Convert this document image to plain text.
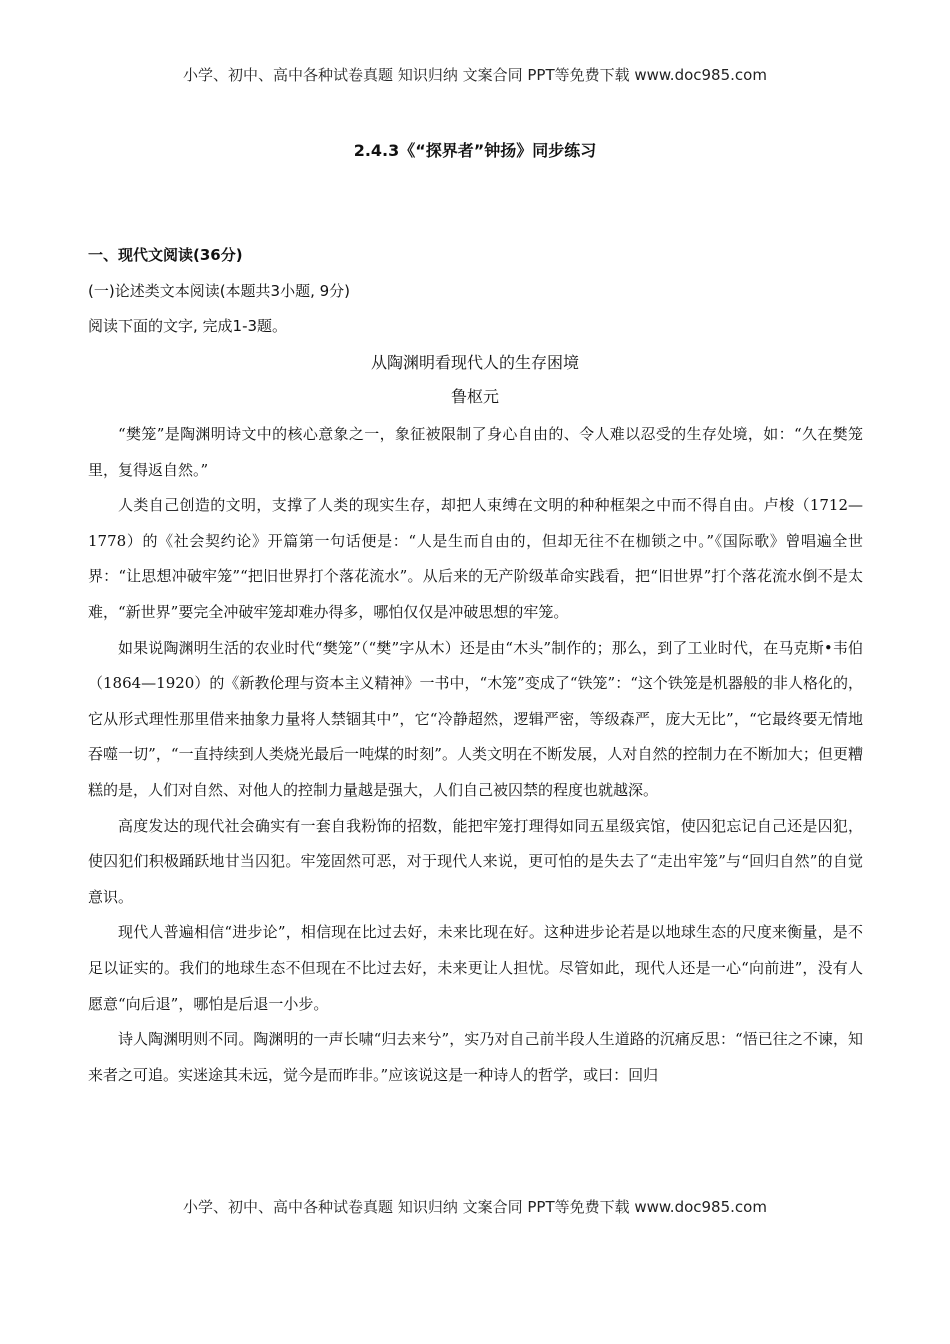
小学、初中、高中各种试卷真题 知识归纳 文案合同 PPT等免费下载 www.doc985.com
2.4.3《“探界者”钟扬》同步练习
一、现代文阅读(36分)
(一)论述类文本阅读(本题共3小题, 9分)
阅读下面的文字, 完成1-3题。
从陶渊明看现代人的生存困境
鲁枢元

“樊笼”是陶渊明诗文中的核心意象之一，象征被限制了身心自由的、令人难以忍受的生存处境，如：“久在樊笼里，复得返自然。”

人类自己创造的文明，支撑了人类的现实生存，却把人束缚在文明的种种框架之中而不得自由。卢梭（1712—1778）的《社会契约论》开篇第一句话便是：“人是生而自由的，但却无往不在枷锁之中。”《国际歌》曾唱遍全世界：“让思想冲破牢笼”“把旧世界打个落花流水”。从后来的无产阶级革命实践看，把“旧世界”打个落花流水倒不是太难，“新世界”要完全冲破牢笼却难办得多，哪怕仅仅是冲破思想的牢笼。

如果说陶渊明生活的农业时代“樊笼”（“樊”字从木）还是由“木头”制作的；那么，到了工业时代，在马克斯•韦伯（1864—1920）的《新教伦理与资本主义精神》一书中，“木笼”变成了“铁笼”：“这个铁笼是机器般的非人格化的，它从形式理性那里借来抽象力量将人禁锢其中”，它“冷静超然，逻辑严密，等级森严，庞大无比”，“它最终要无情地吞噬一切”，“一直持续到人类烧光最后一吨煤的时刻”。人类文明在不断发展，人对自然的控制力在不断加大；但更糟糕的是，人们对自然、对他人的控制力量越是强大，人们自己被囚禁的程度也就越深。

高度发达的现代社会确实有一套自我粉饰的招数，能把牢笼打理得如同五星级宾馆，使囚犯忘记自己还是囚犯，使囚犯们积极踊跃地甘当囚犯。牢笼固然可恶，对于现代人来说，更可怕的是失去了“走出牢笼”与“回归自然”的自觉意识。

现代人普遍相信“进步论”，相信现在比过去好，未来比现在好。这种进步论若是以地球生态的尺度来衡量，是不足以证实的。我们的地球生态不但现在不比过去好，未来更让人担忧。尽管如此，现代人还是一心“向前进”，没有人愿意“向后退”，哪怕是后退一小步。

诗人陶渊明则不同。陶渊明的一声长啸“归去来兮”，实乃对自己前半段人生道路的沉痛反思：“悟已往之不谏，知来者之可追。实迷途其未远，觉今是而昨非。”应该说这是一种诗人的哲学，或曰：回归

小学、初中、高中各种试卷真题 知识归纳 文案合同 PPT等免费下载 www.doc985.com
